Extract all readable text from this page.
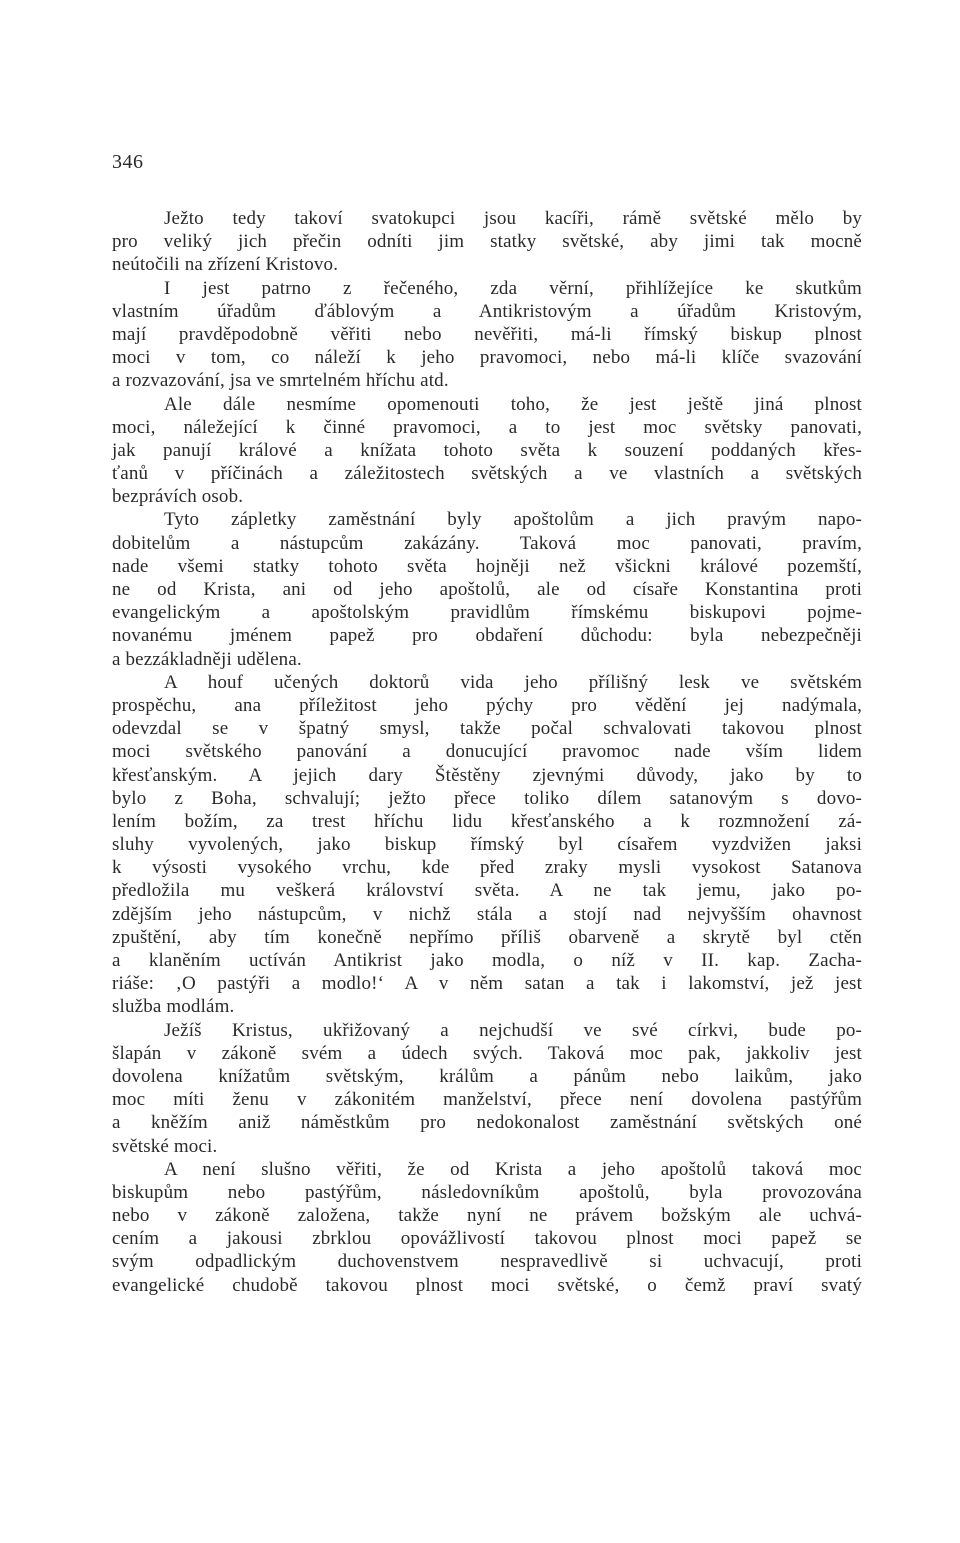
346
Ježto tedy takoví svatokupci jsou kacíři, rámě světské mělo by
pro veliký jich přečin odníti jim statky světské, aby jimi tak mocně
neútočili na zřízení Kristovo.
I jest patrno z řečeného, zda věrní, přihlížejíce ke skutkům
vlastním úřadům ďáblovým a Antikristovým a úřadům Kristovým,
mají pravděpodobně věřiti nebo nevěřiti, má-li římský biskup plnost
moci v tom, co náleží k jeho pravomoci, nebo má-li klíče svazování
a rozvazování, jsa ve smrtelném hříchu atd.
Ale dále nesmíme opomenouti toho, že jest ještě jiná plnost
moci, náležející k činné pravomoci, a to jest moc světsky panovati,
jak panují králové a knížata tohoto světa k souzení poddaných křes-
ťanů v příčinách a záležitostech světských a ve vlastních a světských
bezprávích osob.
Tyto zápletky zaměstnání byly apoštolům a jich pravým napo-
dobitelům a nástupcům zakázány. Taková moc panovati, pravím,
nade všemi statky tohoto světa hojněji než všickni králové pozemští,
ne od Krista, ani od jeho apoštolů, ale od císaře Konstantina proti
evangelickým a apoštolským pravidlům římskému biskupovi pojme-
novanému jménem papež pro obdaření důchodu: byla nebezpečněji
a bezzákladněji udělena.
A houf učených doktorů vida jeho přílišný lesk ve světském
prospěchu, ana příležitost jeho pýchy pro vědění jej nadýmala,
odevzdal se v špatný smysl, takže počal schvalovati takovou plnost
moci světského panování a donucující pravomoc nade vším lidem
křesťanským. A jejich dary Štěstěny zjevnými důvody, jako by to
bylo z Boha, schvalují; ježto přece toliko dílem satanovým s dovo-
lením božím, za trest hříchu lidu křesťanského a k rozmnožení zá-
sluhy vyvolených, jako biskup římský byl císařem vyzdvižen jaksi
k výsosti vysokého vrchu, kde před zraky mysli vysokost Satanova
předložila mu veškerá království světa. A ne tak jemu, jako po-
zdějším jeho nástupcům, v nichž stála a stojí nad nejvyšším ohavnost
zpuštění, aby tím konečně nepřímo příliš obarveně a skrytě byl ctěn
a klaněním uctíván Antikrist jako modla, o níž v II. kap. Zacha-
riáše: ‚O pastýři a modlo!‘ A v něm satan a tak i lakomství, jež jest
služba modlám.
Ježíš Kristus, ukřižovaný a nejchudší ve své církvi, bude po-
šlapán v zákoně svém a údech svých. Taková moc pak, jakkoliv jest
dovolena knížatům světským, králům a pánům nebo laikům, jako
moc míti ženu v zákonitém manželství, přece není dovolena pastýřům
a kněžím aniž náměstkům pro nedokonalost zaměstnání světských oné
světské moci.
A není slušno věřiti, že od Krista a jeho apoštolů taková moc
biskupům nebo pastýřům, následovníkům apoštolů, byla provozována
nebo v zákoně založena, takže nyní ne právem božským ale uchvá-
cením a jakousi zbrklou opovážlivostí takovou plnost moci papež se
svým odpadlickým duchovenstvem nespravedlivě si uchvacují, proti
evangelické chudobě takovou plnost moci světské, o čemž praví svatý
